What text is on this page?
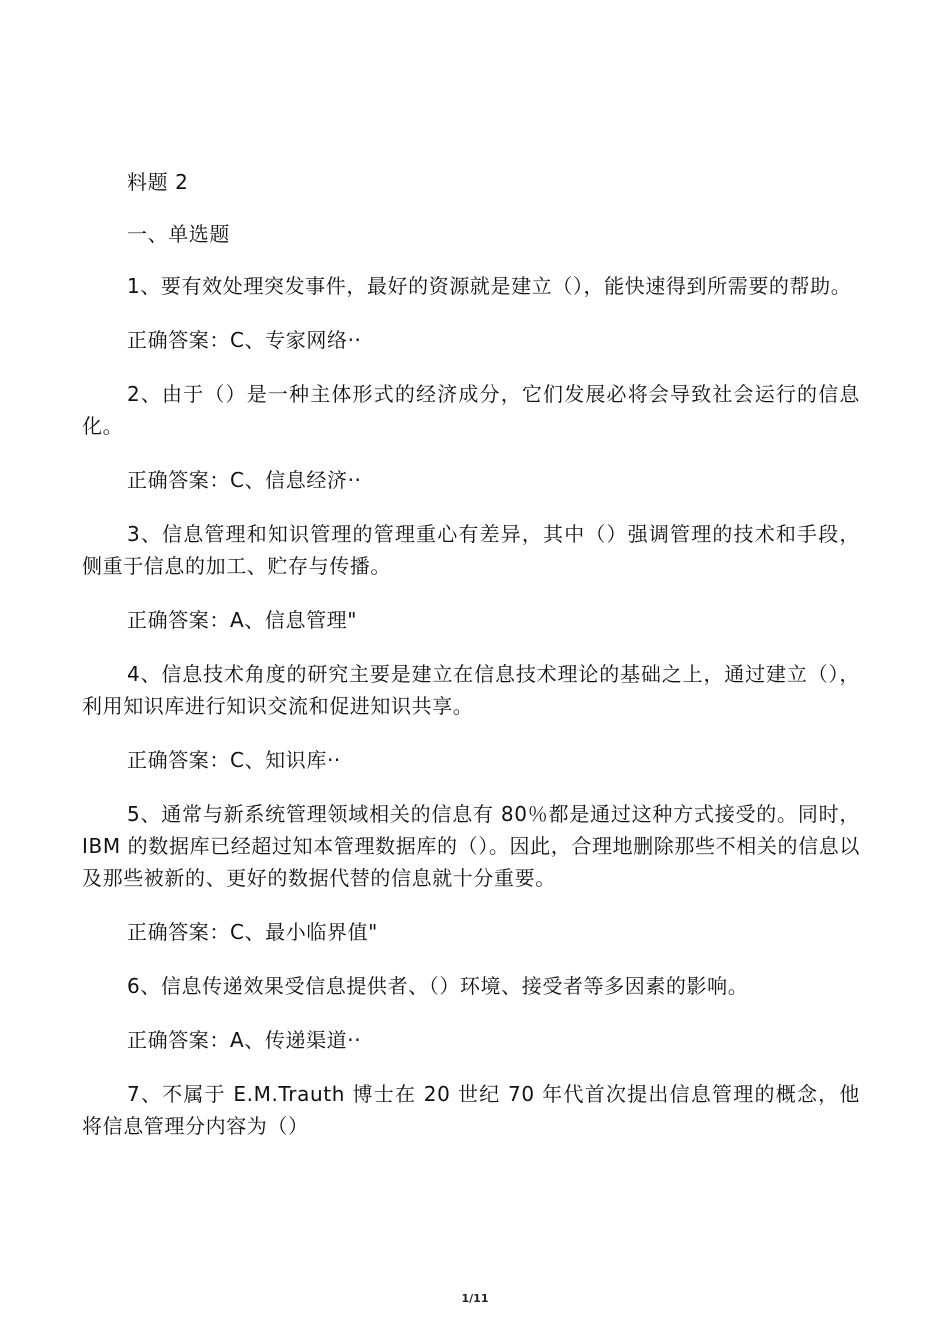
料题 2

一、单选题

1、要有效处理突发事件，最好的资源就是建立（），能快速得到所需要的帮助。

正确答案：C、专家网络··

2、由于（）是一种主体形式的经济成分，它们发展必将会导致社会运行的信息化。

正确答案：C、信息经济··

3、信息管理和知识管理的管理重心有差异，其中（）强调管理的技术和手段，侧重于信息的加工、贮存与传播。

正确答案：A、信息管理"

4、信息技术角度的研究主要是建立在信息技术理论的基础之上，通过建立（），利用知识库进行知识交流和促进知识共享。

正确答案：C、知识库··

5、通常与新系统管理领域相关的信息有 80％都是通过这种方式接受的。同时，IBM 的数据库已经超过知本管理数据库的（）。因此，合理地删除那些不相关的信息以及那些被新的、更好的数据代替的信息就十分重要。

正确答案：C、最小临界值"

6、信息传递效果受信息提供者、（）环境、接受者等多因素的影响。

正确答案：A、传递渠道··

7、不属于 E.M.Trauth 博士在 20 世纪 70 年代首次提出信息管理的概念，他将信息管理分内容为（）

1/11
